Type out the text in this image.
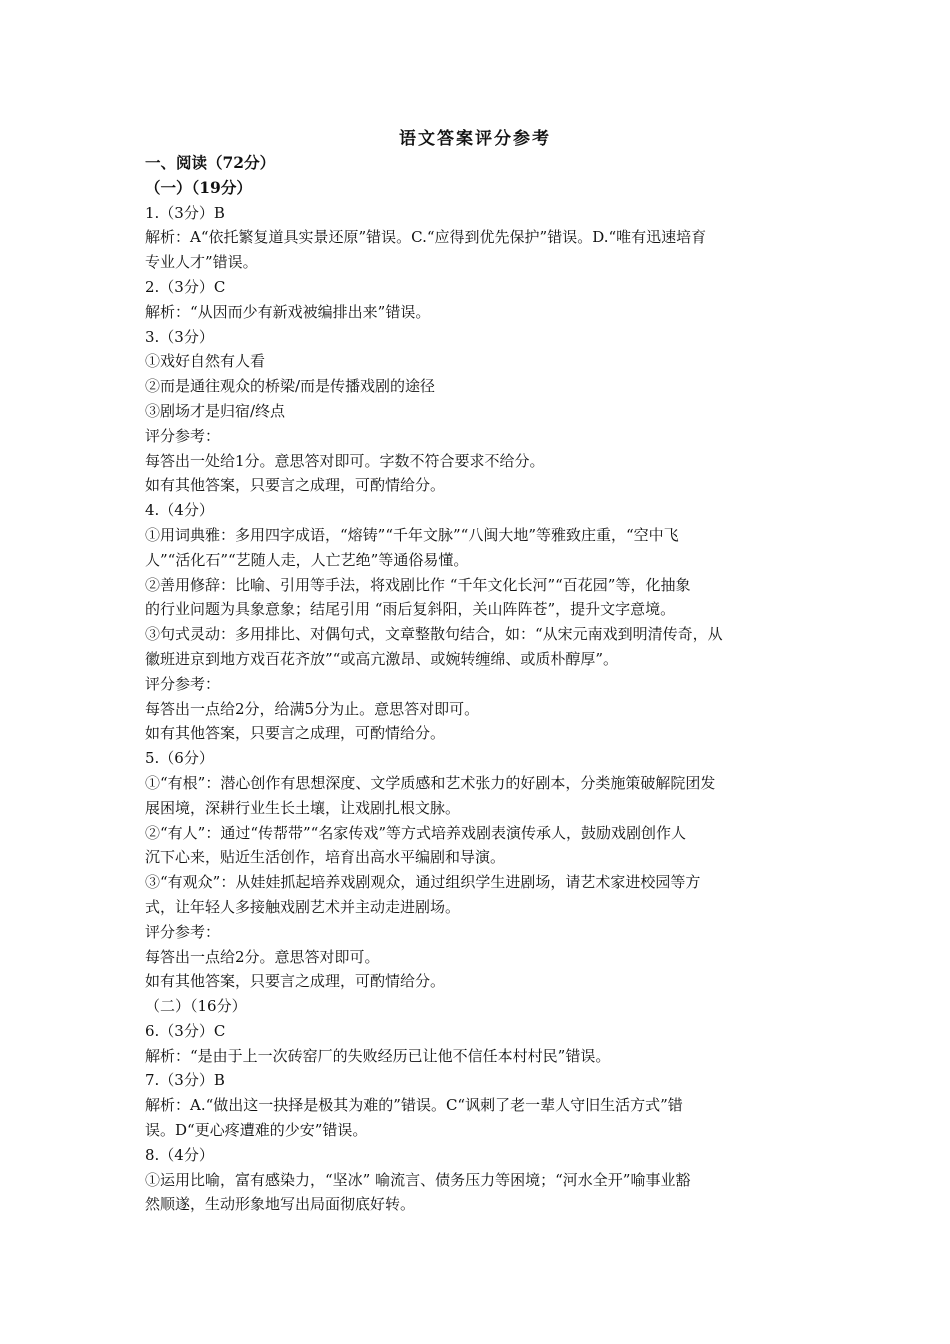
语文答案评分参考
一、阅读（72分）
（一）（19分）
1.（3分）B
解析：A“依托繁复道具实景还原”错误。C.“应得到优先保护”错误。D.“唯有迅速培育
专业人才”错误。
2.（3分）C
解析：“从因而少有新戏被编排出来”错误。
3.（3分）
①戏好自然有人看
②而是通往观众的桥梁/而是传播戏剧的途径
③剧场才是归宿/终点
评分参考：
每答出一处给1分。意思答对即可。字数不符合要求不给分。
如有其他答案，只要言之成理，可酌情给分。
4.（4分）
①用词典雅：多用四字成语，“熔铸”“千年文脉”“八闽大地”等雅致庄重，“空中飞
人”“活化石”“艺随人走，人亡艺绝”等通俗易懂。
②善用修辞：比喻、引用等手法，将戏剧比作 “千年文化长河”“百花园”等，化抽象
的行业问题为具象意象；结尾引用 “雨后复斜阳，关山阵阵苍”，提升文字意境。
③句式灵动：多用排比、对偶句式，文章整散句结合，如：“从宋元南戏到明清传奇，从
徽班进京到地方戏百花齐放”“或高亢激昂、或婉转缠绵、或质朴醇厚”。
评分参考：
每答出一点给2分，给满5分为止。意思答对即可。
如有其他答案，只要言之成理，可酌情给分。
5.（6分）
①“有根”：潜心创作有思想深度、文学质感和艺术张力的好剧本，分类施策破解院团发
展困境，深耕行业生长土壤，让戏剧扎根文脉。
②“有人”：通过“传帮带”“名家传戏”等方式培养戏剧表演传承人，鼓励戏剧创作人
沉下心来，贴近生活创作，培育出高水平编剧和导演。
③“有观众”：从娃娃抓起培养戏剧观众，通过组织学生进剧场，请艺术家进校园等方
式，让年轻人多接触戏剧艺术并主动走进剧场。
评分参考：
每答出一点给2分。意思答对即可。
如有其他答案，只要言之成理，可酌情给分。
（二）（16分）
6.（3分）C
解析：“是由于上一次砖窑厂的失败经历已让他不信任本村村民”错误。
7.（3分）B
解析：A.“做出这一抉择是极其为难的”错误。C“讽刺了老一辈人守旧生活方式”错
误。D“更心疼遭难的少安”错误。
8.（4分）
①运用比喻，富有感染力，“坚冰” 喻流言、债务压力等困境；“河水全开”喻事业豁
然顺遂，生动形象地写出局面彻底好转。
